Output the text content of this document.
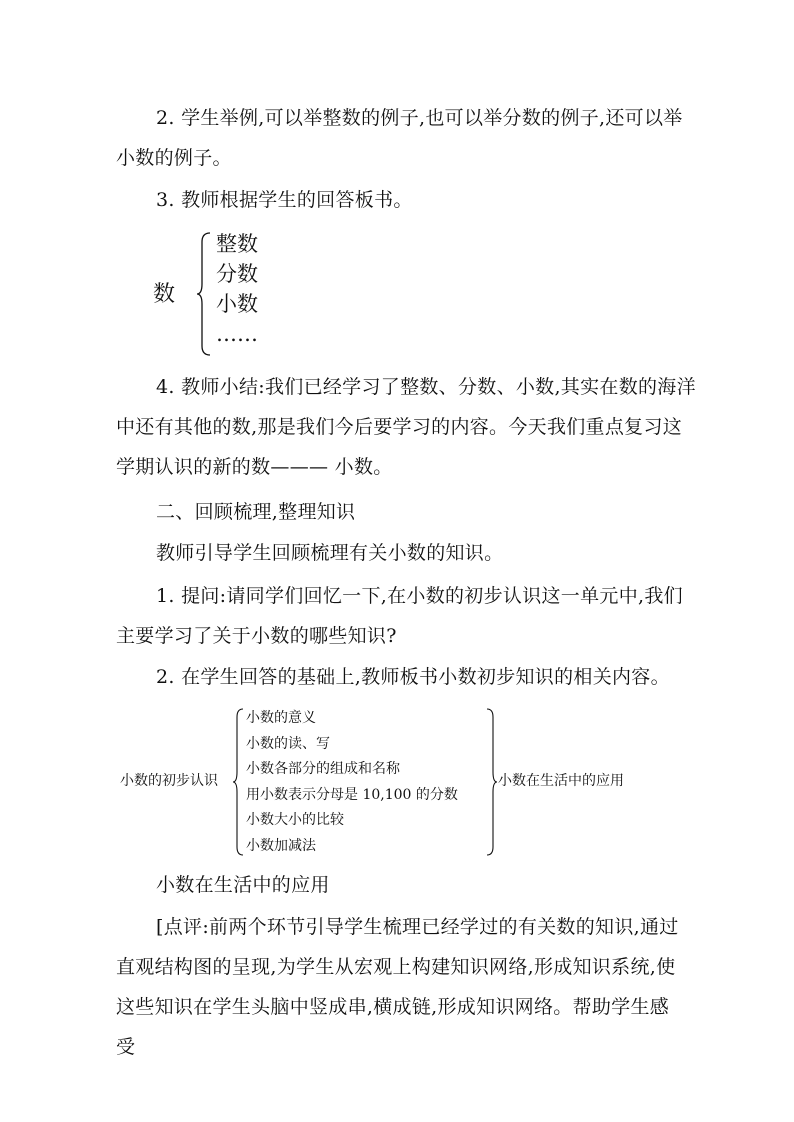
2. 学生举例,可以举整数的例子,也可以举分数的例子,还可以举小数的例子。
3. 教师根据学生的回答板书。
数
整数
分数
小数
……
4. 教师小结:我们已经学习了整数、分数、小数,其实在数的海洋中还有其他的数,那是我们今后要学习的内容。今天我们重点复习这学期认识的新的数——— 小数。
二、回顾梳理,整理知识
教师引导学生回顾梳理有关小数的知识。
1. 提问:请同学们回忆一下,在小数的初步认识这一单元中,我们主要学习了关于小数的哪些知识?
2. 在学生回答的基础上,教师板书小数初步知识的相关内容。
小数的初步认识
小数的意义
小数的读、写
小数各部分的组成和名称
用小数表示分母是 10,100 的分数
小数大小的比较
小数加减法
小数在生活中的应用
小数在生活中的应用
[点评:前两个环节引导学生梳理已经学过的有关数的知识,通过直观结构图的呈现,为学生从宏观上构建知识网络,形成知识系统,使这些知识在学生头脑中竖成串,横成链,形成知识网络。帮助学生感受
